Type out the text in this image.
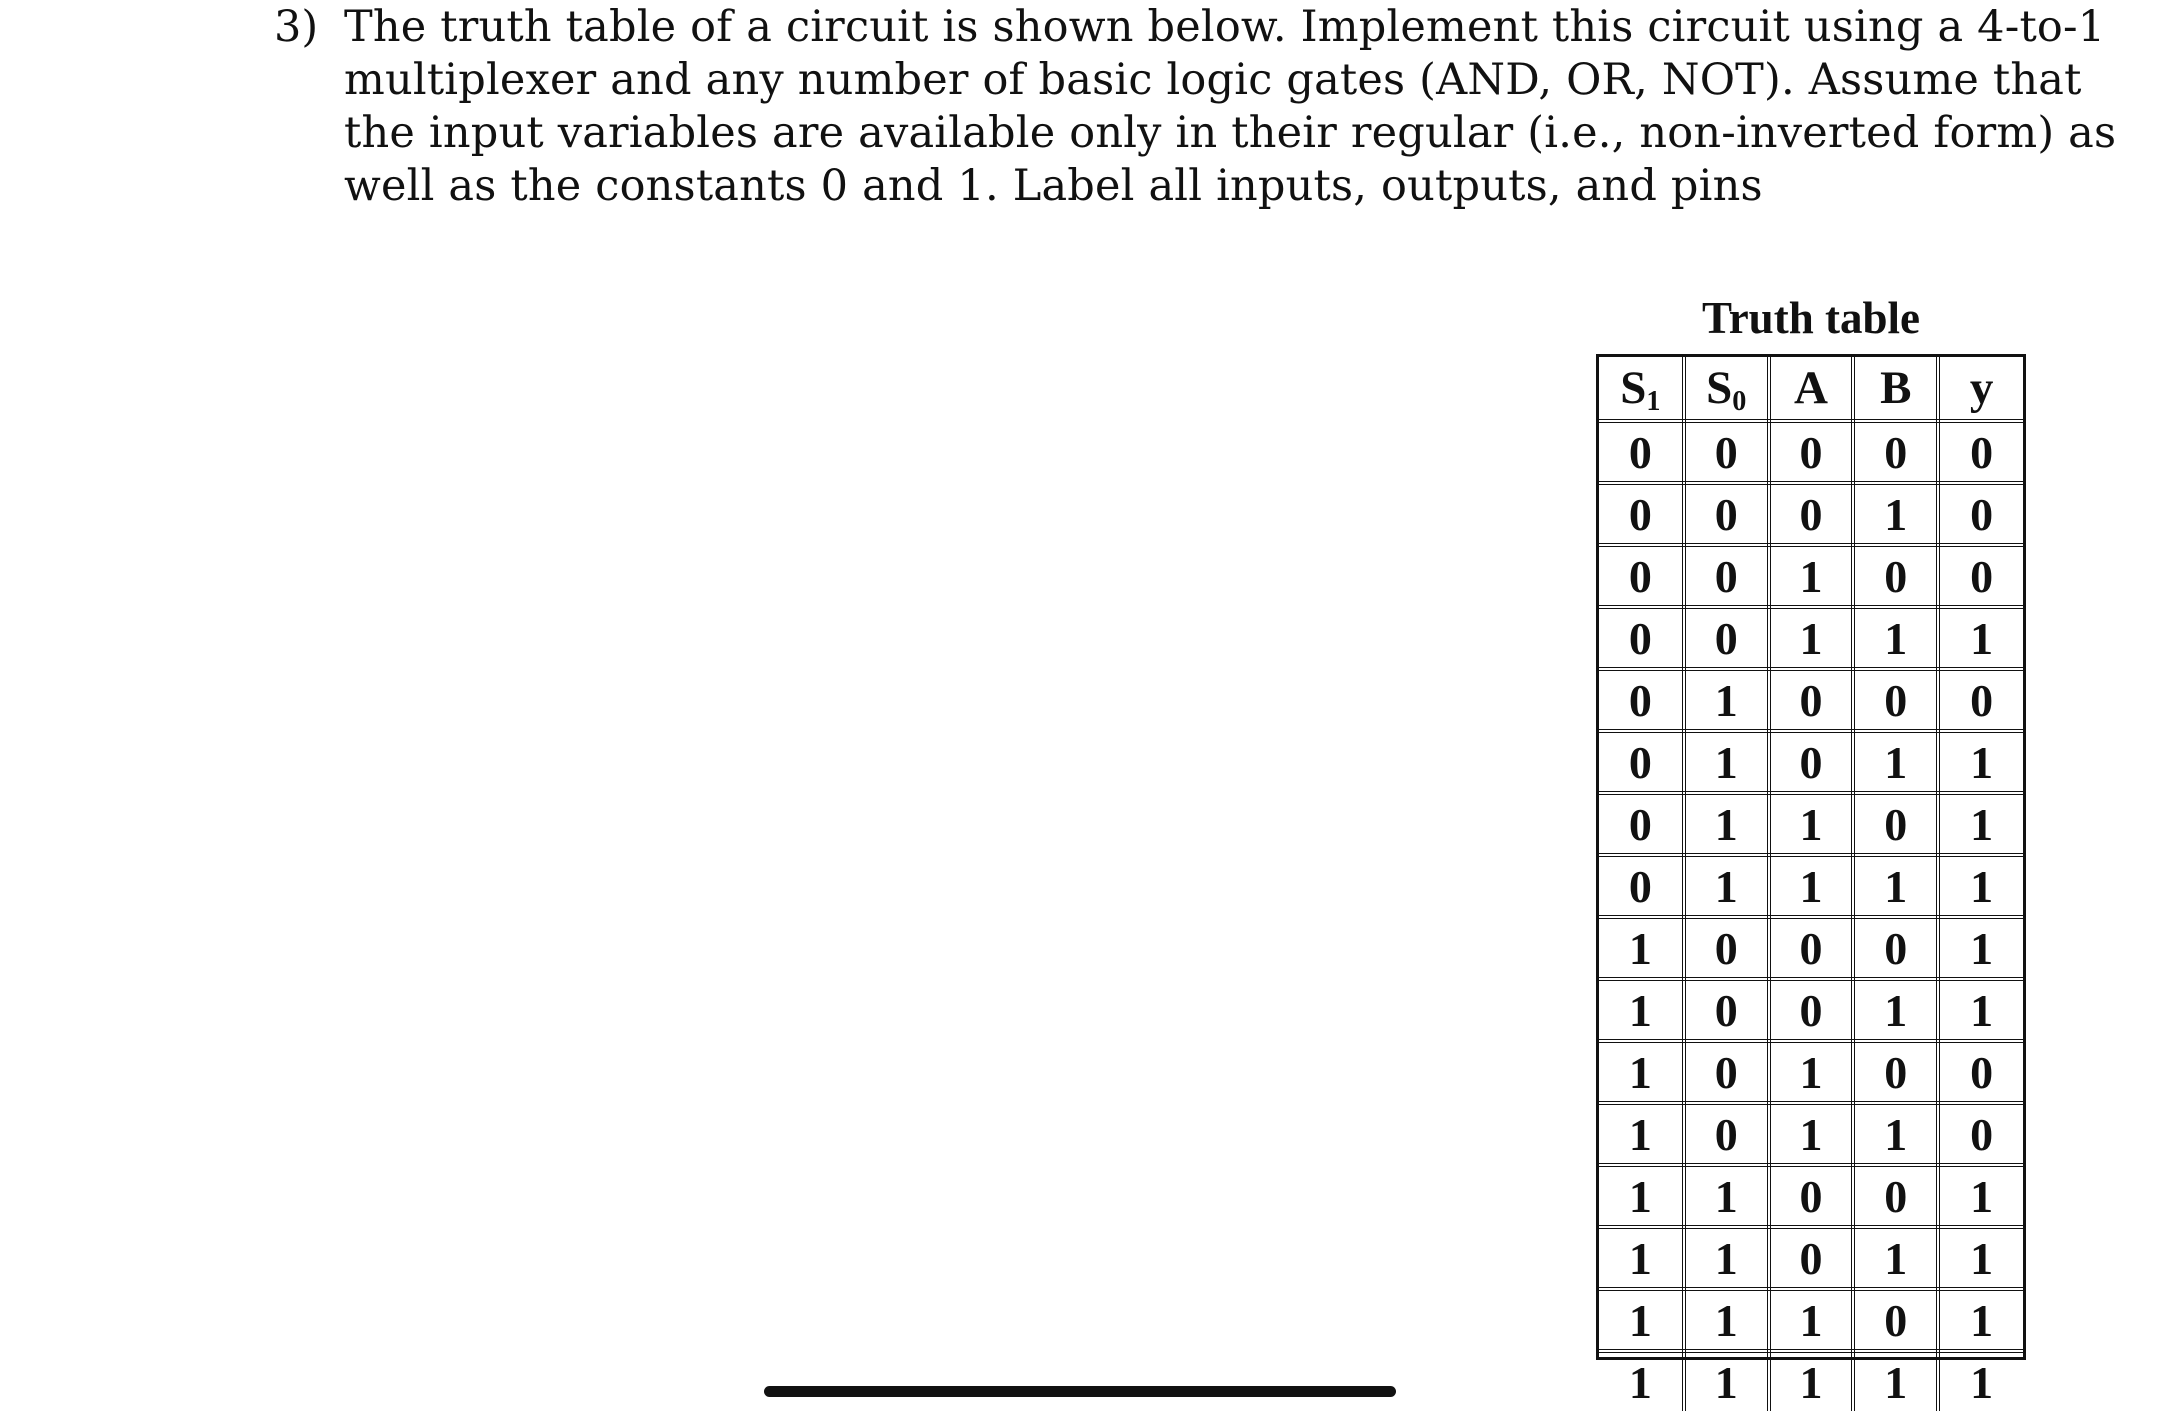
3) The truth table of a circuit is shown below. Implement this circuit using a 4-to-1
multiplexer and any number of basic logic gates (AND, OR, NOT). Assume that
the input variables are available only in their regular (i.e., non-inverted form) as
well as the constants 0 and 1. Label all inputs, outputs, and pins
Truth table
$S_1$	$S_0$	A	B	y
0	0	0	0	0
0	0	0	1	0
0	0	1	0	0
0	0	1	1	1
0	1	0	0	0
0	1	0	1	1
0	1	1	0	1
0	1	1	1	1
1	0	0	0	1
1	0	0	1	1
1	0	1	0	0
1	0	1	1	0
1	1	0	0	1
1	1	0	1	1
1	1	1	0	1
1	1	1	1	1
